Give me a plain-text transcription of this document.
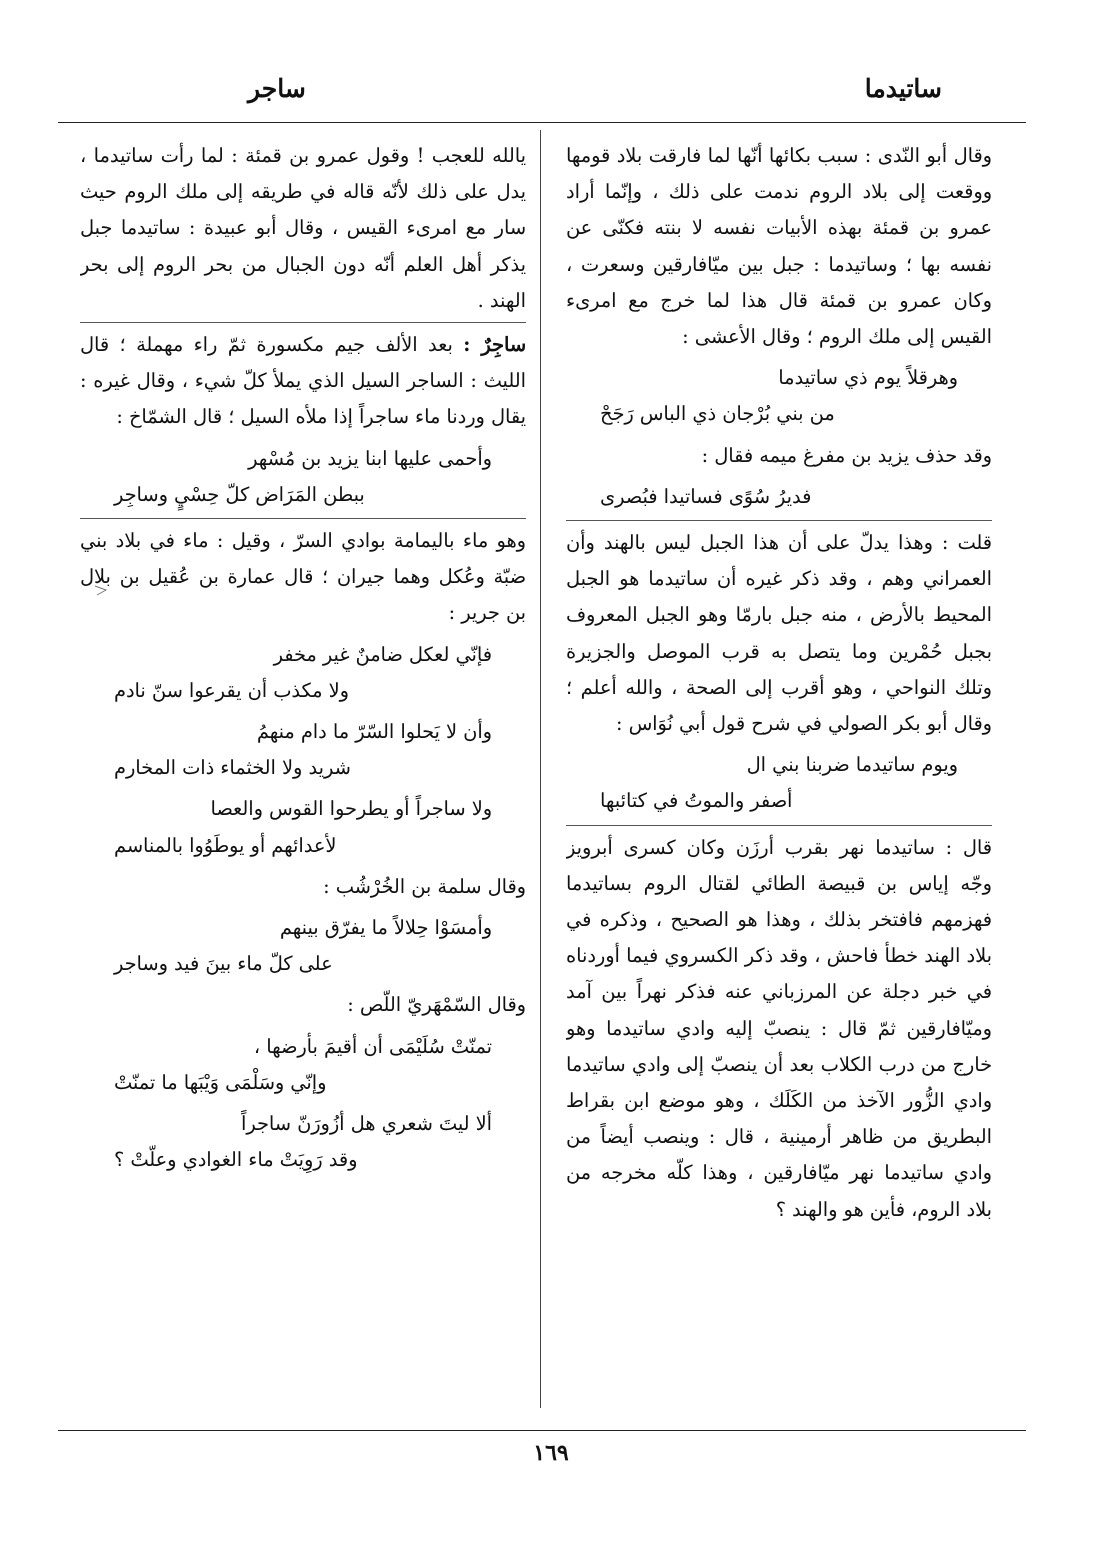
ساتيدما
ساجر

وقال أبو النّدى : سبب بكائها أنّها لما فارقت بلاد قومها ووقعت إلى بلاد الروم ندمت على ذلك ، وإنّما أراد عمرو بن قمئة بهذه الأبيات نفسه لا بنته فكنّى عن نفسه بها ؛ وساتيدما : جبل بين ميّافارقين وسعرت ، وكان عمرو بن قمئة قال هذا لما خرج مع امرىء القيس إلى ملك الروم ؛ وقال الأعشى :

وهرقلاً يوم ذي ساتيدما
من بني بُرْجان ذي الباس رَجَحْ

وقد حذف يزيد بن مفرغ ميمه فقال :

فديرُ سُوًى فساتيدا فبُصرى

قلت : وهذا يدلّ على أن هذا الجبل ليس بالهند وأن العمراني وهم ، وقد ذكر غيره أن ساتيدما هو الجبل المحيط بالأرض ، منه جبل بارمّا وهو الجبل المعروف بجبل حُمْرين وما يتصل به قرب الموصل والجزيرة وتلك النواحي ، وهو أقرب إلى الصحة ، والله أعلم ؛ وقال أبو بكر الصولي في شرح قول أبي نُوَاس :

ويوم ساتيدما ضربنا بني ال
أصفر والموتُ في كتائبها

قال : ساتيدما نهر بقرب أرزَن وكان كسرى أبرويز وجّه إياس بن قبيصة الطائي لقتال الروم بساتيدما فهزمهم فافتخر بذلك ، وهذا هو الصحيح ، وذكره في بلاد الهند خطأ فاحش ، وقد ذكر الكسروي فيما أوردناه في خبر دجلة عن المرزباني عنه فذكر نهراً بين آمد وميّافارقين ثمّ قال : ينصبّ إليه وادي ساتيدما وهو خارج من درب الكلاب بعد أن ينصبّ إلى وادي ساتيدما وادي الزُّور الآخذ من الكَلَك ، وهو موضع ابن بقراط البطريق من ظاهر أرمينية ، قال : وينصب أيضاً من وادي ساتيدما نهر ميّافارقين ، وهذا كلّه مخرجه من بلاد الروم، فأين هو والهند ؟

يالله للعجب ! وقول عمرو بن قمئة : لما رأت ساتيدما ، يدل على ذلك لأنّه قاله في طريقه إلى ملك الروم حيث سار مع امرىء القيس ، وقال أبو عبيدة : ساتيدما جبل يذكر أهل العلم أنّه دون الجبال من بحر الروم إلى بحر الهند .

ساجِرٌ : بعد الألف جيم مكسورة ثمّ راء مهملة ؛ قال الليث : الساجر السيل الذي يملأ كلّ شيء ، وقال غيره : يقال وردنا ماء ساجراً إذا ملأه السيل ؛ قال الشمّاخ :

وأحمى عليها ابنا يزيد بن مُسْهر
ببطن المَرَاض كلّ حِسْيٍ وساجِر

وهو ماء باليمامة بوادي السرّ ، وقيل : ماء في بلاد بني ضبّة وعُكل وهما جيران ؛ قال عمارة بن عُقيل بن بلال بن جرير :

فإنّي لعكل ضامنٌ غير مخفر
ولا مكذب أن يقرعوا سنّ نادم
وأن لا يَحلوا السّرّ ما دام منهمُ
شريد ولا الخثماء ذات المخارم
ولا ساجراً أو يطرحوا القوس والعصا
لأعدائهم أو يوطَوُوا بالمناسم

وقال سلمة بن الخُرْشُب :

وأمسَوْا حِلالاً ما يفرّق بينهم
على كلّ ماء بينَ فيد وساجر

وقال السّمْهَريّ اللّص :

تمنّتْ سُلَيْمَى أن أقيمَ بأرضها ،
وإنّي وسَلْمَى وَيْبَها ما تمنّتْ
ألا ليتَ شعري هل أزُورَنّ ساجراً
وقد رَوِيَتْ ماء الغوادي وعلّتْ ؟
١٦٩
